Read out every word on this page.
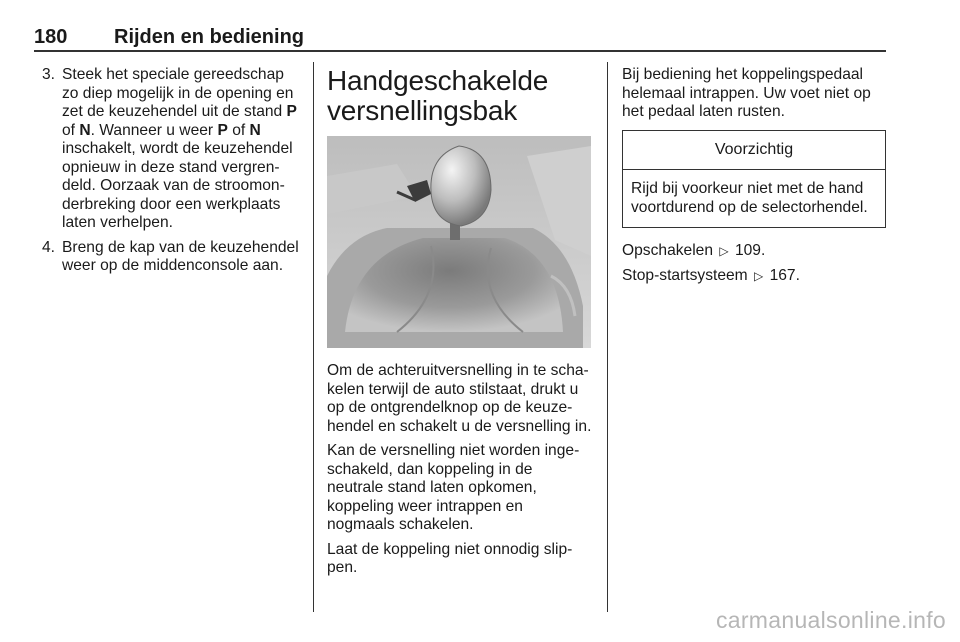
180 Rijden en bediening
3. Steek het speciale gereedschap zo diep mogelijk in de opening en zet de keuzehendel uit de stand P of N. Wanneer u weer P of N inschakelt, wordt de keuzehendel opnieuw in deze stand vergren-deld. Oorzaak van de stroomon-derbreking door een werkplaats laten verhelpen.
4. Breng de kap van de keuzehendel weer op de middenconsole aan.
Handgeschakelde
versnellingsbak

Om de achteruitversnelling in te scha-kelen terwijl de auto stilstaat, drukt u op de ontgrendelknop op de keuze-hendel en schakelt u de versnelling in.

Kan de versnelling niet worden inge-schakeld, dan koppeling in de neutrale stand laten opkomen, koppeling weer intrappen en nogmaals schakelen.

Laat de koppeling niet onnodig slip-pen.

Bij bediening het koppelingspedaal helemaal intrappen. Uw voet niet op het pedaal laten rusten.

Voorzichtig
Rijd bij voorkeur niet met de hand voortdurend op de selectorhendel.

Opschakelen ▷ 109.

Stop-startsysteem ▷ 167.

carmanualsonline.info
